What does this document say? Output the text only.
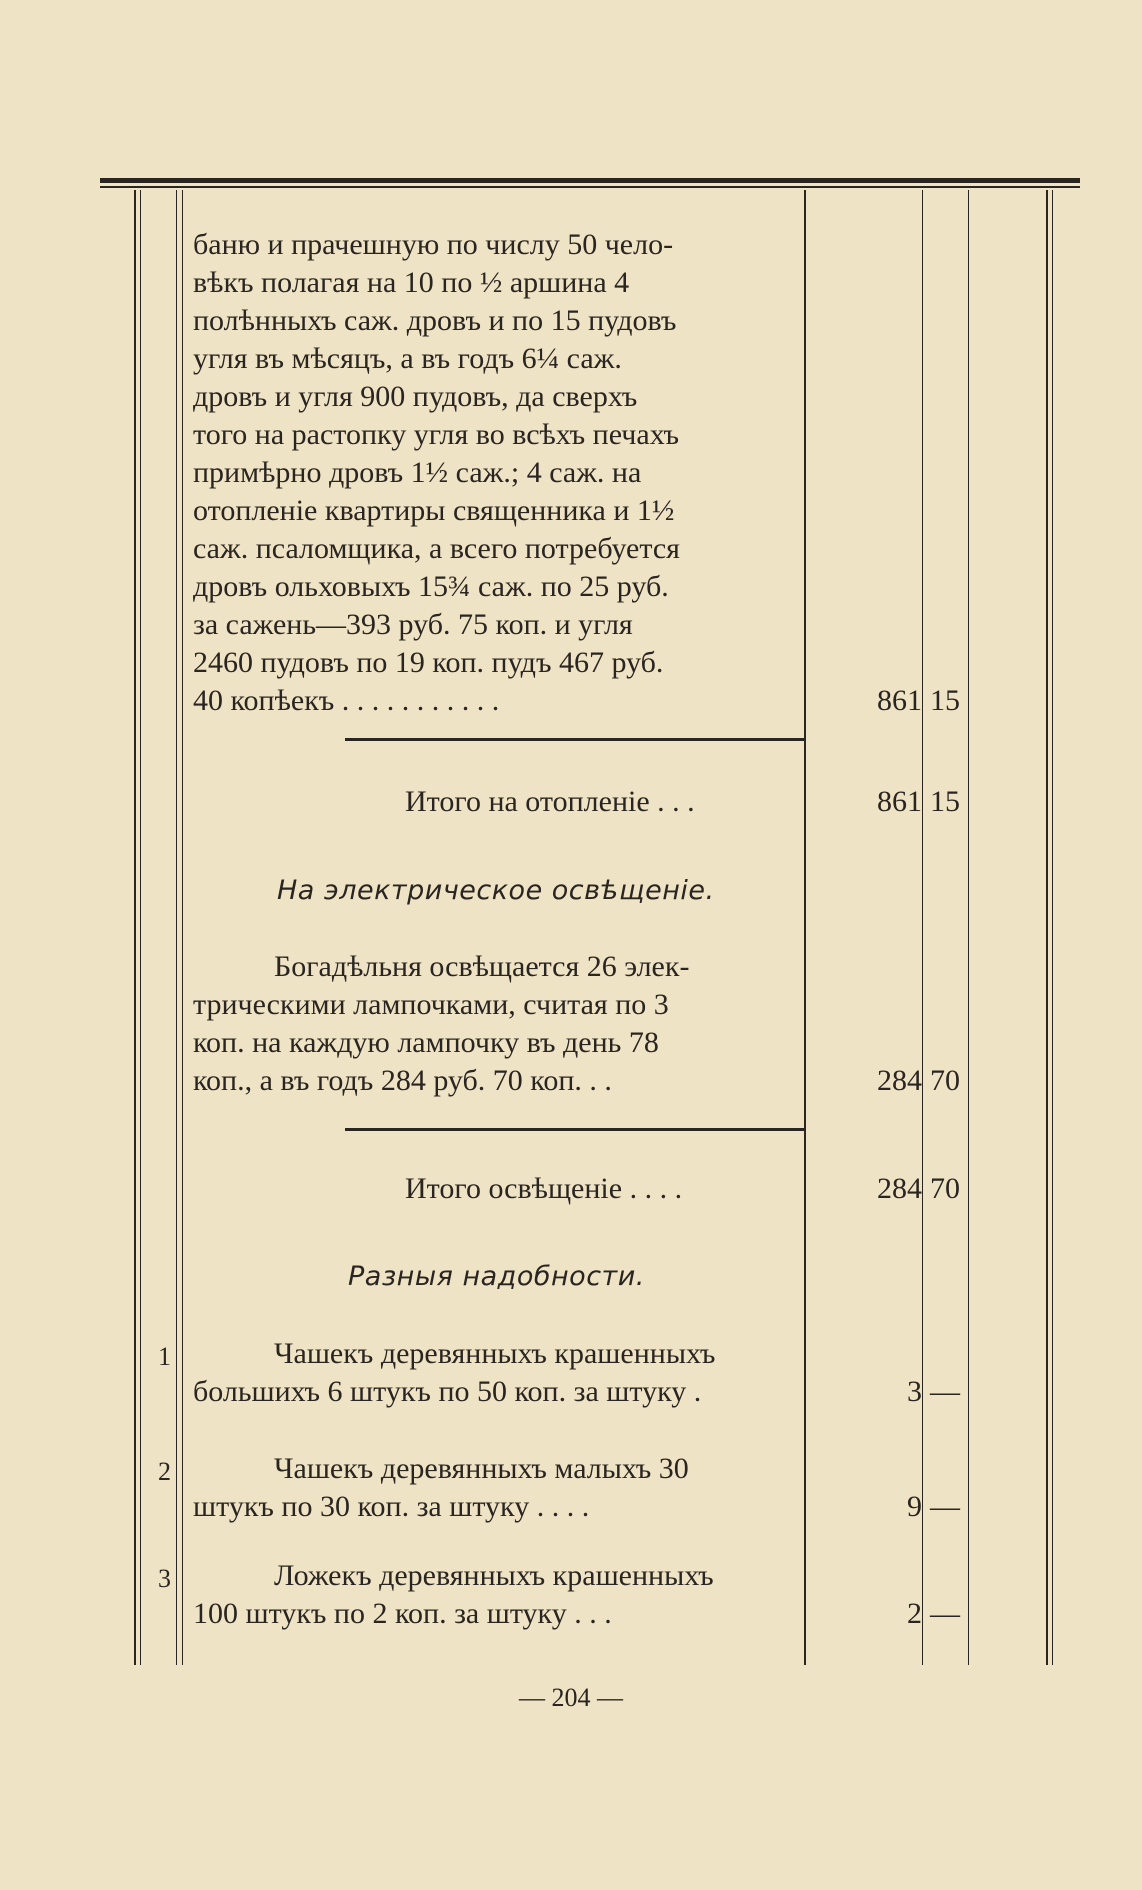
баню и прачешную по числу 50 чело-
вѣкъ полагая на 10 по ½ аршина 4
полѣнныхъ саж. дровъ и по 15 пудовъ
угля въ мѣсяцъ, а въ годъ 6¼ саж.
дровъ и угля 900 пудовъ, да сверхъ
того на растопку угля во всѣхъ печахъ
примѣрно дровъ 1½ саж.; 4 саж. на
отопленіе квартиры священника и 1½
саж. псаломщика, а всего потребуется
дровъ ольховыхъ 15¾ саж. по 25 руб.
за сажень—393 руб. 75 коп. и угля
2460 пудовъ по 19 коп. пудъ 467 руб.
40 копѣекъ . . . . . . . . . . .	861 15
Итого на отопленіе . . .	861 15
На электрическое освѣщеніе.
Богадѣльня освѣщается 26 элек-
трическими лампочками, считая по 3
коп. на каждую лампочку въ день 78
коп., а въ годъ 284 руб. 70 коп. . .	284 70
Итого освѣщеніе . . . .	284 70
Разныя надобности.
1	Чашекъ деревянныхъ крашенныхъ
большихъ 6 штукъ по 50 коп. за штуку .	3 —
2	Чашекъ деревянныхъ малыхъ 30
штукъ по 30 коп. за штуку . . . .	9 —
3	Ложекъ деревянныхъ крашенныхъ
100 штукъ по 2 коп. за штуку . . .	2 —
— 204 —
